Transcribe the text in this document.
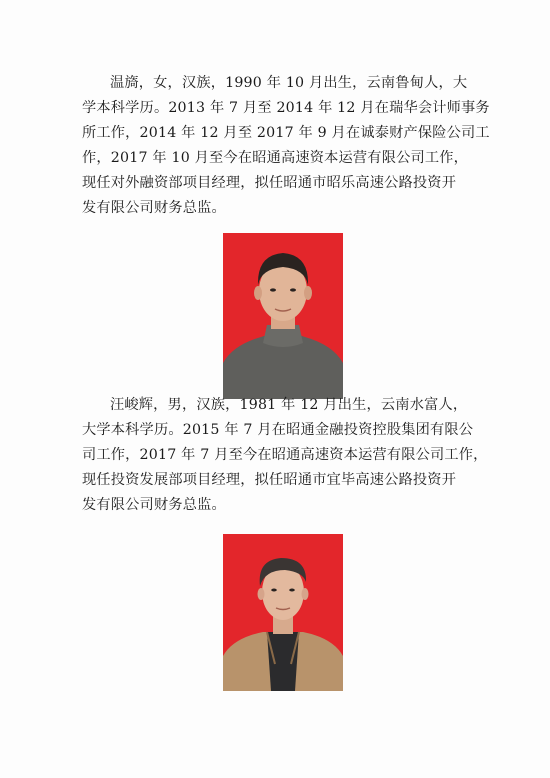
温旖，女，汉族，1990 年 10 月出生，云南鲁甸人，大
学本科学历。2013 年 7 月至 2014 年 12 月在瑞华会计师事务
所工作，2014 年 12 月至 2017 年 9 月在诚泰财产保险公司工
作，2017 年 10 月至今在昭通高速资本运营有限公司工作，
现任对外融资部项目经理，拟任昭通市昭乐高速公路投资开
发有限公司财务总监。
汪峻辉，男，汉族，1981 年 12 月出生，云南水富人，
大学本科学历。2015 年 7 月在昭通金融投资控股集团有限公
司工作，2017 年 7 月至今在昭通高速资本运营有限公司工作，
现任投资发展部项目经理，拟任昭通市宜毕高速公路投资开
发有限公司财务总监。
